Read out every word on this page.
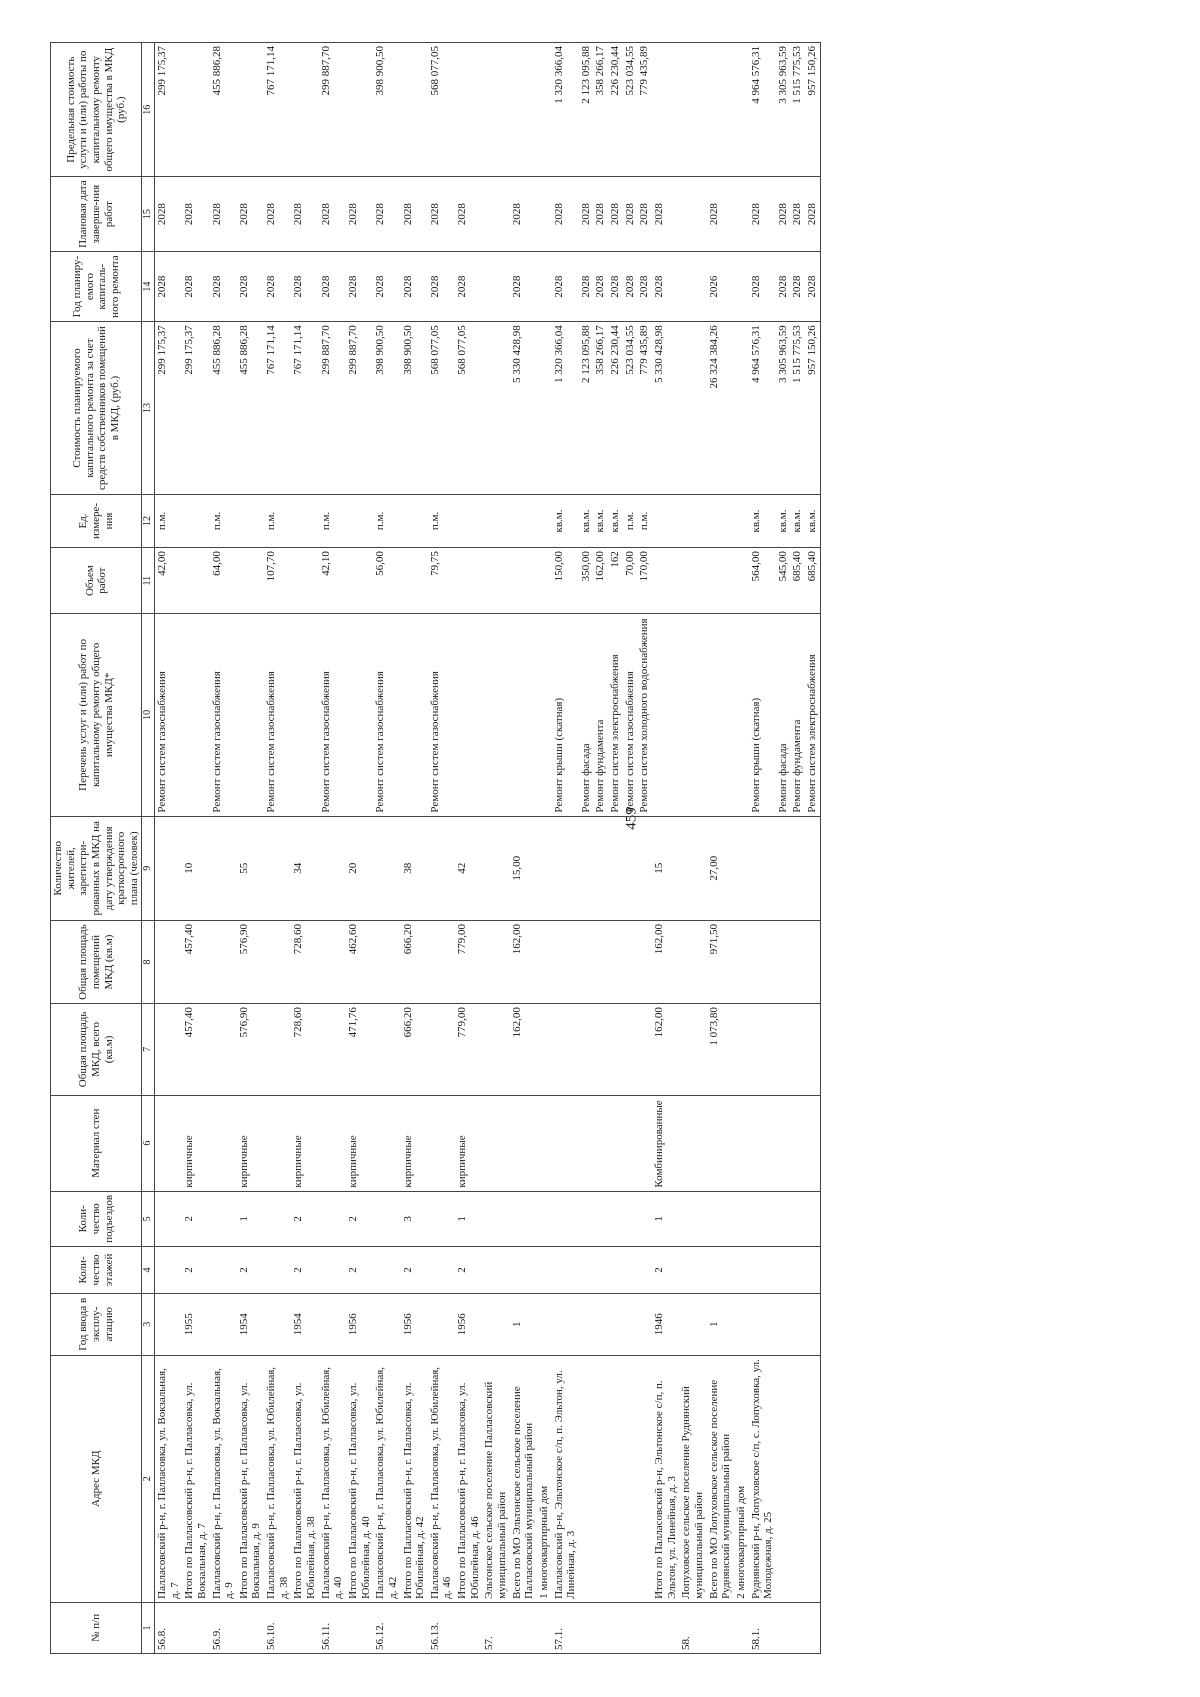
459
№ п/п	Адрес МКД	Год ввода в эксплу-атацию	Коли-чество этажей	Коли-чество подъездов	Материал стен	Общая площадь МКД, всего (кв.м)	Общая площадь помещений МКД (кв.м)	Количество жителей, зарегистри-рованных в МКД на дату утверждения краткосрочного плана (человек)	Перечень услуг и (или) работ по капитальному ремонту общего имущества МКД*	Объем работ	Ед. измере-ния	Стоимость планируемого капитального ремонта за счет средств собственников помещений в МКД, (руб.)	Год планиру-емого капиталь-ного ремонта	Плановая дата заверше-ния работ	Предельная стоимость услуги и (или) работы по капитальному ремонту общего имущества в МКД (руб.)
1	2	3	4	5	6	7	8	9	10	11	12	13	14	15	16
56.8.	Палласовский р-н, г. Палласовка, ул. Вокзальная, д. 7								Ремонт систем газоснабжения	42,00	п.м.	299 175,37	2028	2028	299 175,37
	Итого по Палласовский р-н, г. Палласовка, ул. Вокзальная, д. 7	1955	2	2	кирпичные	457,40	457,40	10				299 175,37	2028	2028	
56.9.	Палласовский р-н, г. Палласовка, ул. Вокзальная, д. 9								Ремонт систем газоснабжения	64,00	п.м.	455 886,28	2028	2028	455 886,28
	Итого по Палласовский р-н, г. Палласовка, ул. Вокзальная, д. 9	1954	2	1	кирпичные	576,90	576,90	55				455 886,28	2028	2028	
56.10.	Палласовский р-н, г. Палласовка, ул. Юбилейная, д. 38								Ремонт систем газоснабжения	107,70	п.м.	767 171,14	2028	2028	767 171,14
	Итого по Палласовский р-н, г. Палласовка, ул. Юбилейная, д. 38	1954	2	2	кирпичные	728,60	728,60	34				767 171,14	2028	2028	
56.11.	Палласовский р-н, г. Палласовка, ул. Юбилейная, д. 40								Ремонт систем газоснабжения	42,10	п.м.	299 887,70	2028	2028	299 887,70
	Итого по Палласовский р-н, г. Палласовка, ул. Юбилейная, д. 40	1956	2	2	кирпичные	471,76	462,60	20				299 887,70	2028	2028	
56.12.	Палласовский р-н, г. Палласовка, ул. Юбилейная, д. 42								Ремонт систем газоснабжения	56,00	п.м.	398 900,50	2028	2028	398 900,50
	Итого по Палласовский р-н, г. Палласовка, ул. Юбилейная, д. 42	1956	2	3	кирпичные	666,20	666,20	38				398 900,50	2028	2028	
56.13.	Палласовский р-н, г. Палласовка, ул. Юбилейная, д. 46								Ремонт систем газоснабжения	79,75	п.м.	568 077,05	2028	2028	568 077,05
	Итого по Палласовский р-н, г. Палласовка, ул. Юбилейная, д. 46	1956	2	1	кирпичные	779,00	779,00	42				568 077,05	2028	2028	
57.	Эльтонское сельское поселение Палласовский муниципальный район														
	Всего по МО Эльтонское сельское поселение Палласовский муниципальный район	1				162,00	162,00	15,00				5 330 428,98	2028	2028	
	1 многоквартирный дом														
57.1.	Палласовский р-н, Эльтонское с/п, п. Эльтон, ул. Линейная, д. 3								Ремонт крыши (скатная)	150,00	кв.м.	1 320 366,04	2028	2028	1 320 366,04
									Ремонт фасада	350,00	кв.м.	2 123 095,88	2028	2028	2 123 095,88
									Ремонт фундамента	162,00	кв.м.	358 266,17	2028	2028	358 266,17
									Ремонт систем электроснабжения	162	кв.м.	226 230,44	2028	2028	226 230,44
									Ремонт систем газоснабжения	70,00	п.м.	523 034,55	2028	2028	523 034,55
									Ремонт систем холодного водоснабжения	170,00	п.м.	779 435,89	2028	2028	779 435,89
	Итого по Палласовский р-н, Эльтонское с/п, п. Эльтон, ул. Линейная, д. 3	1946	2	1	Комбинированные	162,00	162,00	15				5 330 428,98	2028	2028	
58.	Лопуховское сельское поселение Руднянский муниципальный район														
	Всего по МО Лопуховское сельское поселение Руднянский муниципальный район	1				1 073,80	971,50	27,00				26 324 384,26	2026	2028	
	2 многоквартирный дом														
58.1.	Руднянский р-н, Лопуховское с/п, с. Лопуховка, ул. Молодежная, д. 25								Ремонт крыши (скатная)	564,00	кв.м.	4 964 576,31	2028	2028	4 964 576,31
									Ремонт фасада	545,00	кв.м.	3 305 963,59	2028	2028	3 305 963,59
									Ремонт фундамента	685,40	кв.м.	1 515 775,53	2028	2028	1 515 775,53
									Ремонт систем электроснабжения	685,40	кв.м.	957 150,26	2028	2028	957 150,26
